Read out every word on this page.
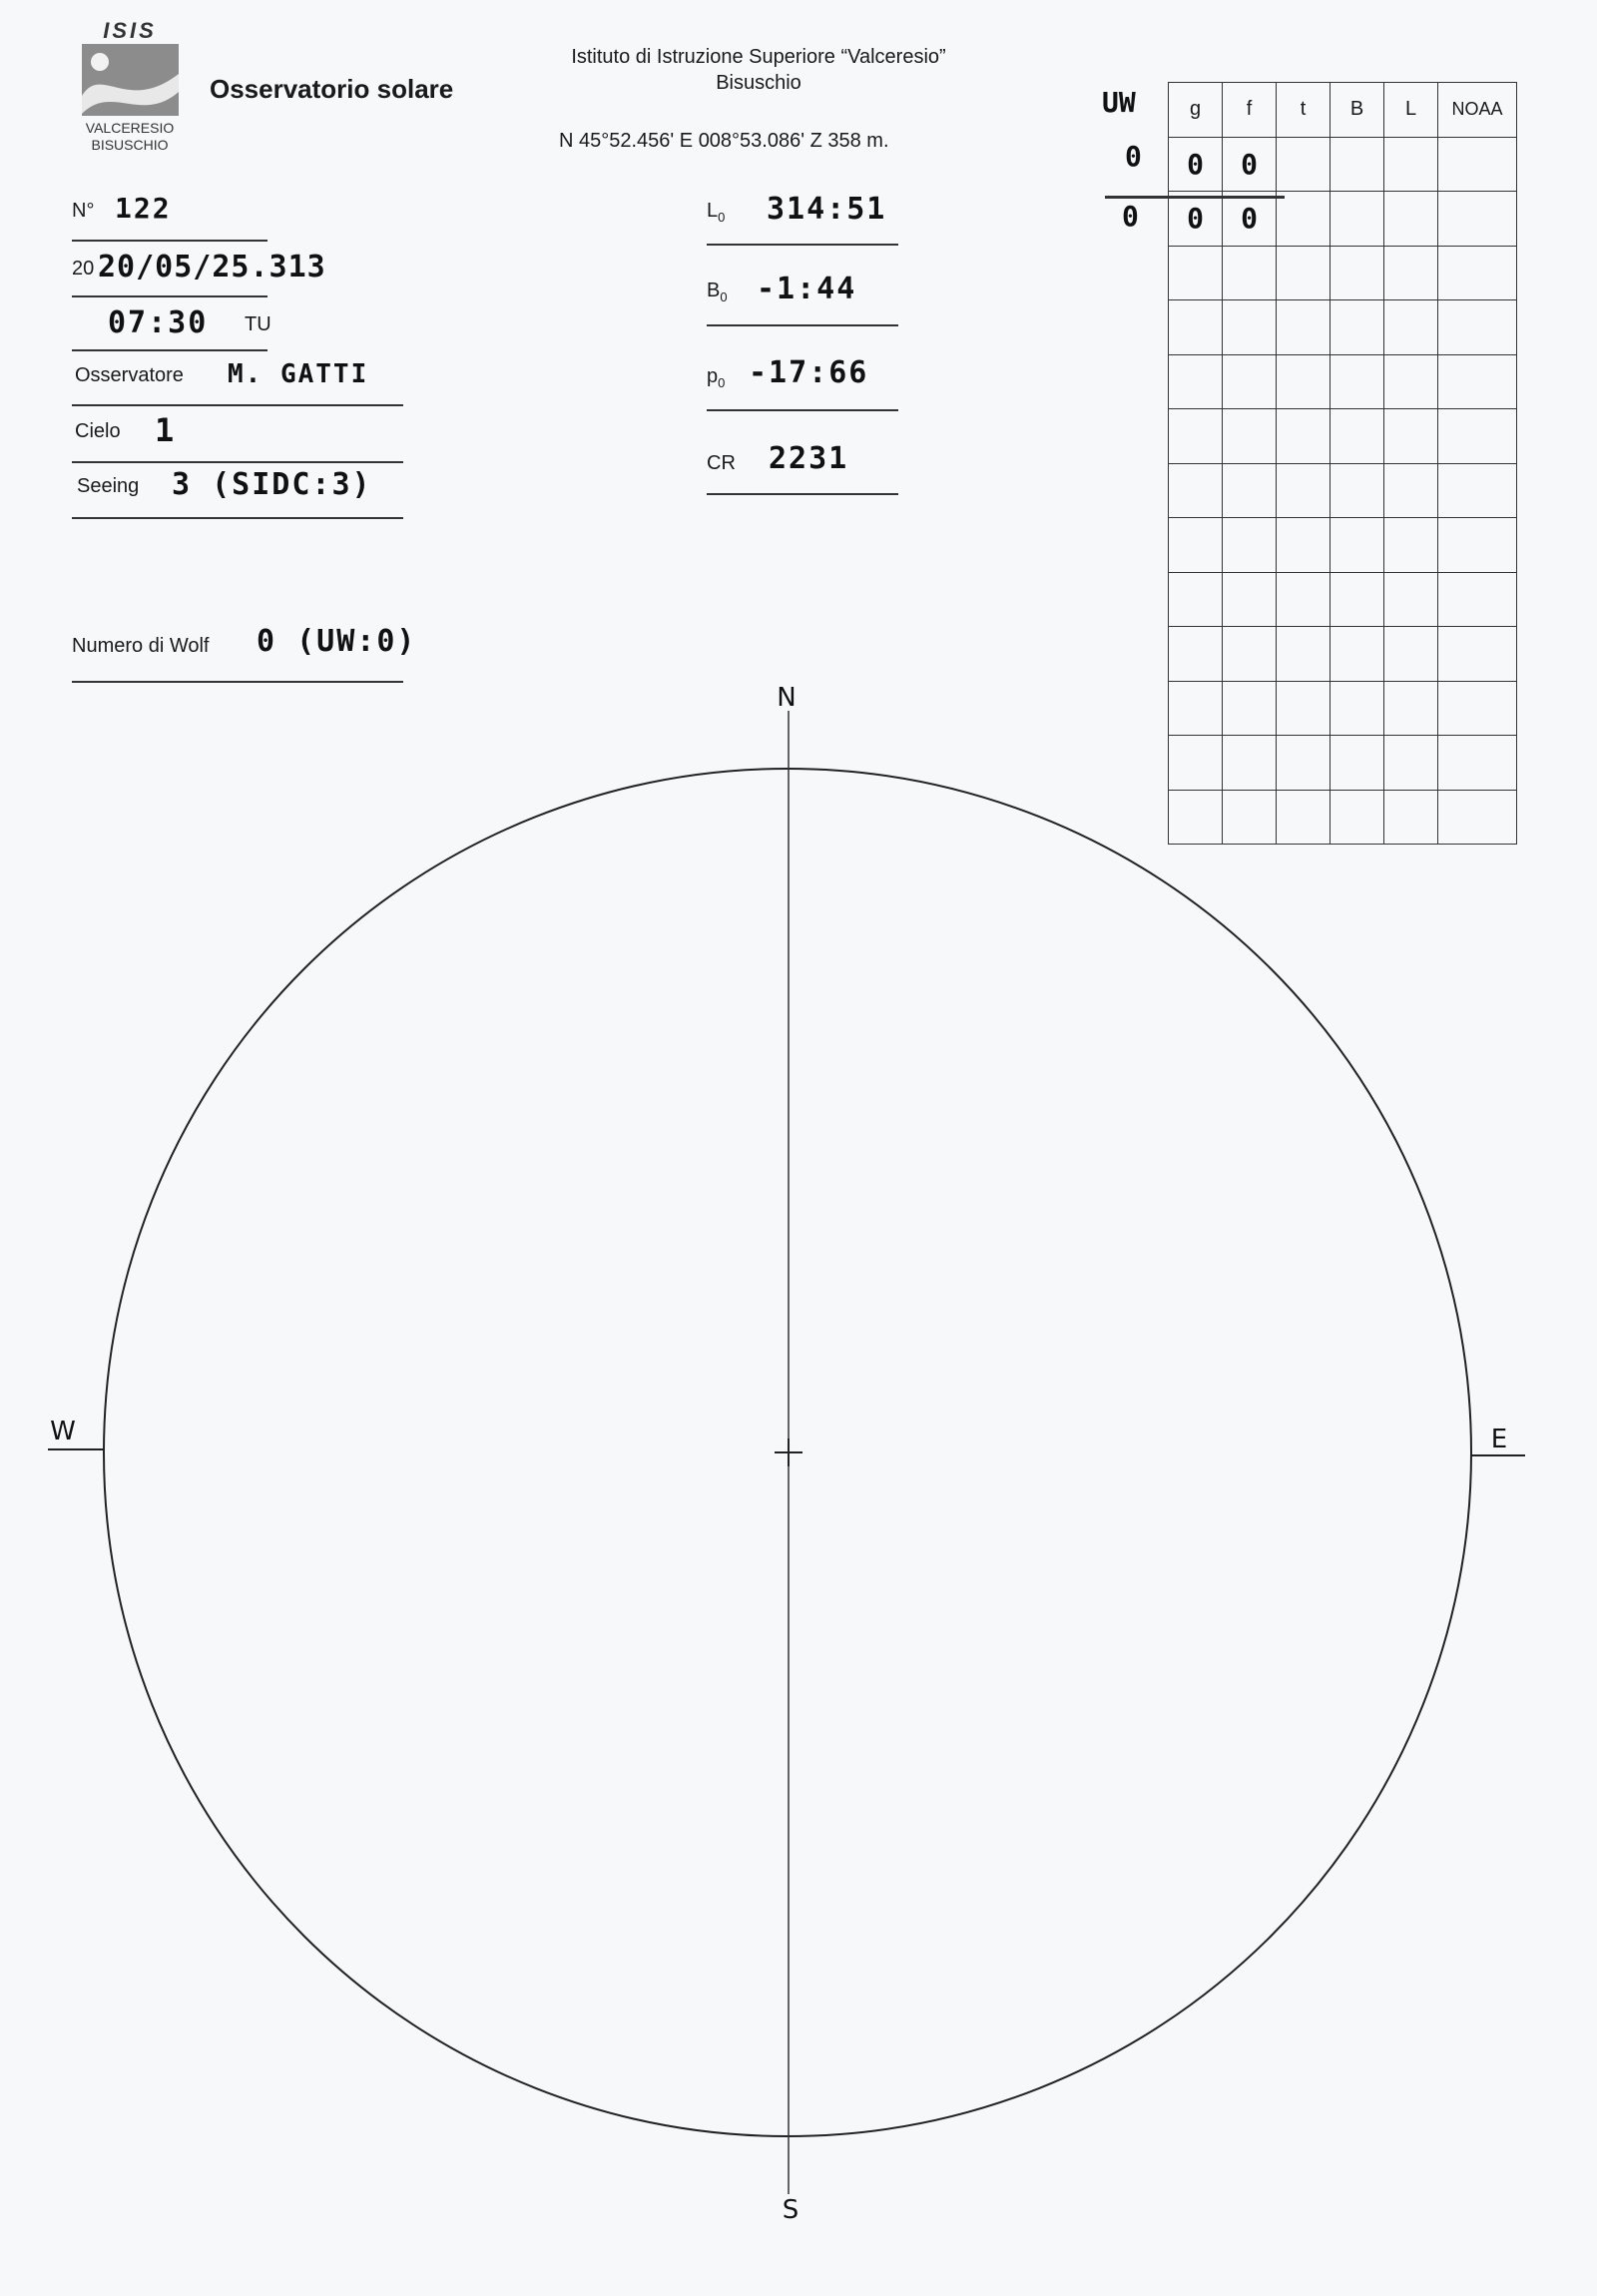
ISIS
VALCERESIO
BISUSCHIO
Osservatorio solare
Istituto di Istruzione Superiore “Valceresio”
Bisuschio
N 45°52.456' E 008°53.086' Z 358 m.
N° 122
20 20/05/25.313
07:30 TU
Osservatore M. GATTI
Cielo 1
Seeing 3 (SIDC:3)
Numero di Wolf 0 (UW:0)
$L_0$ 314:51
$B_0$ -1:44
$p_0$ -17:66
CR 2231
UW
0
0
g	f	t	B	L	NOAA
0	0				
0	0				

N
S
E
W
